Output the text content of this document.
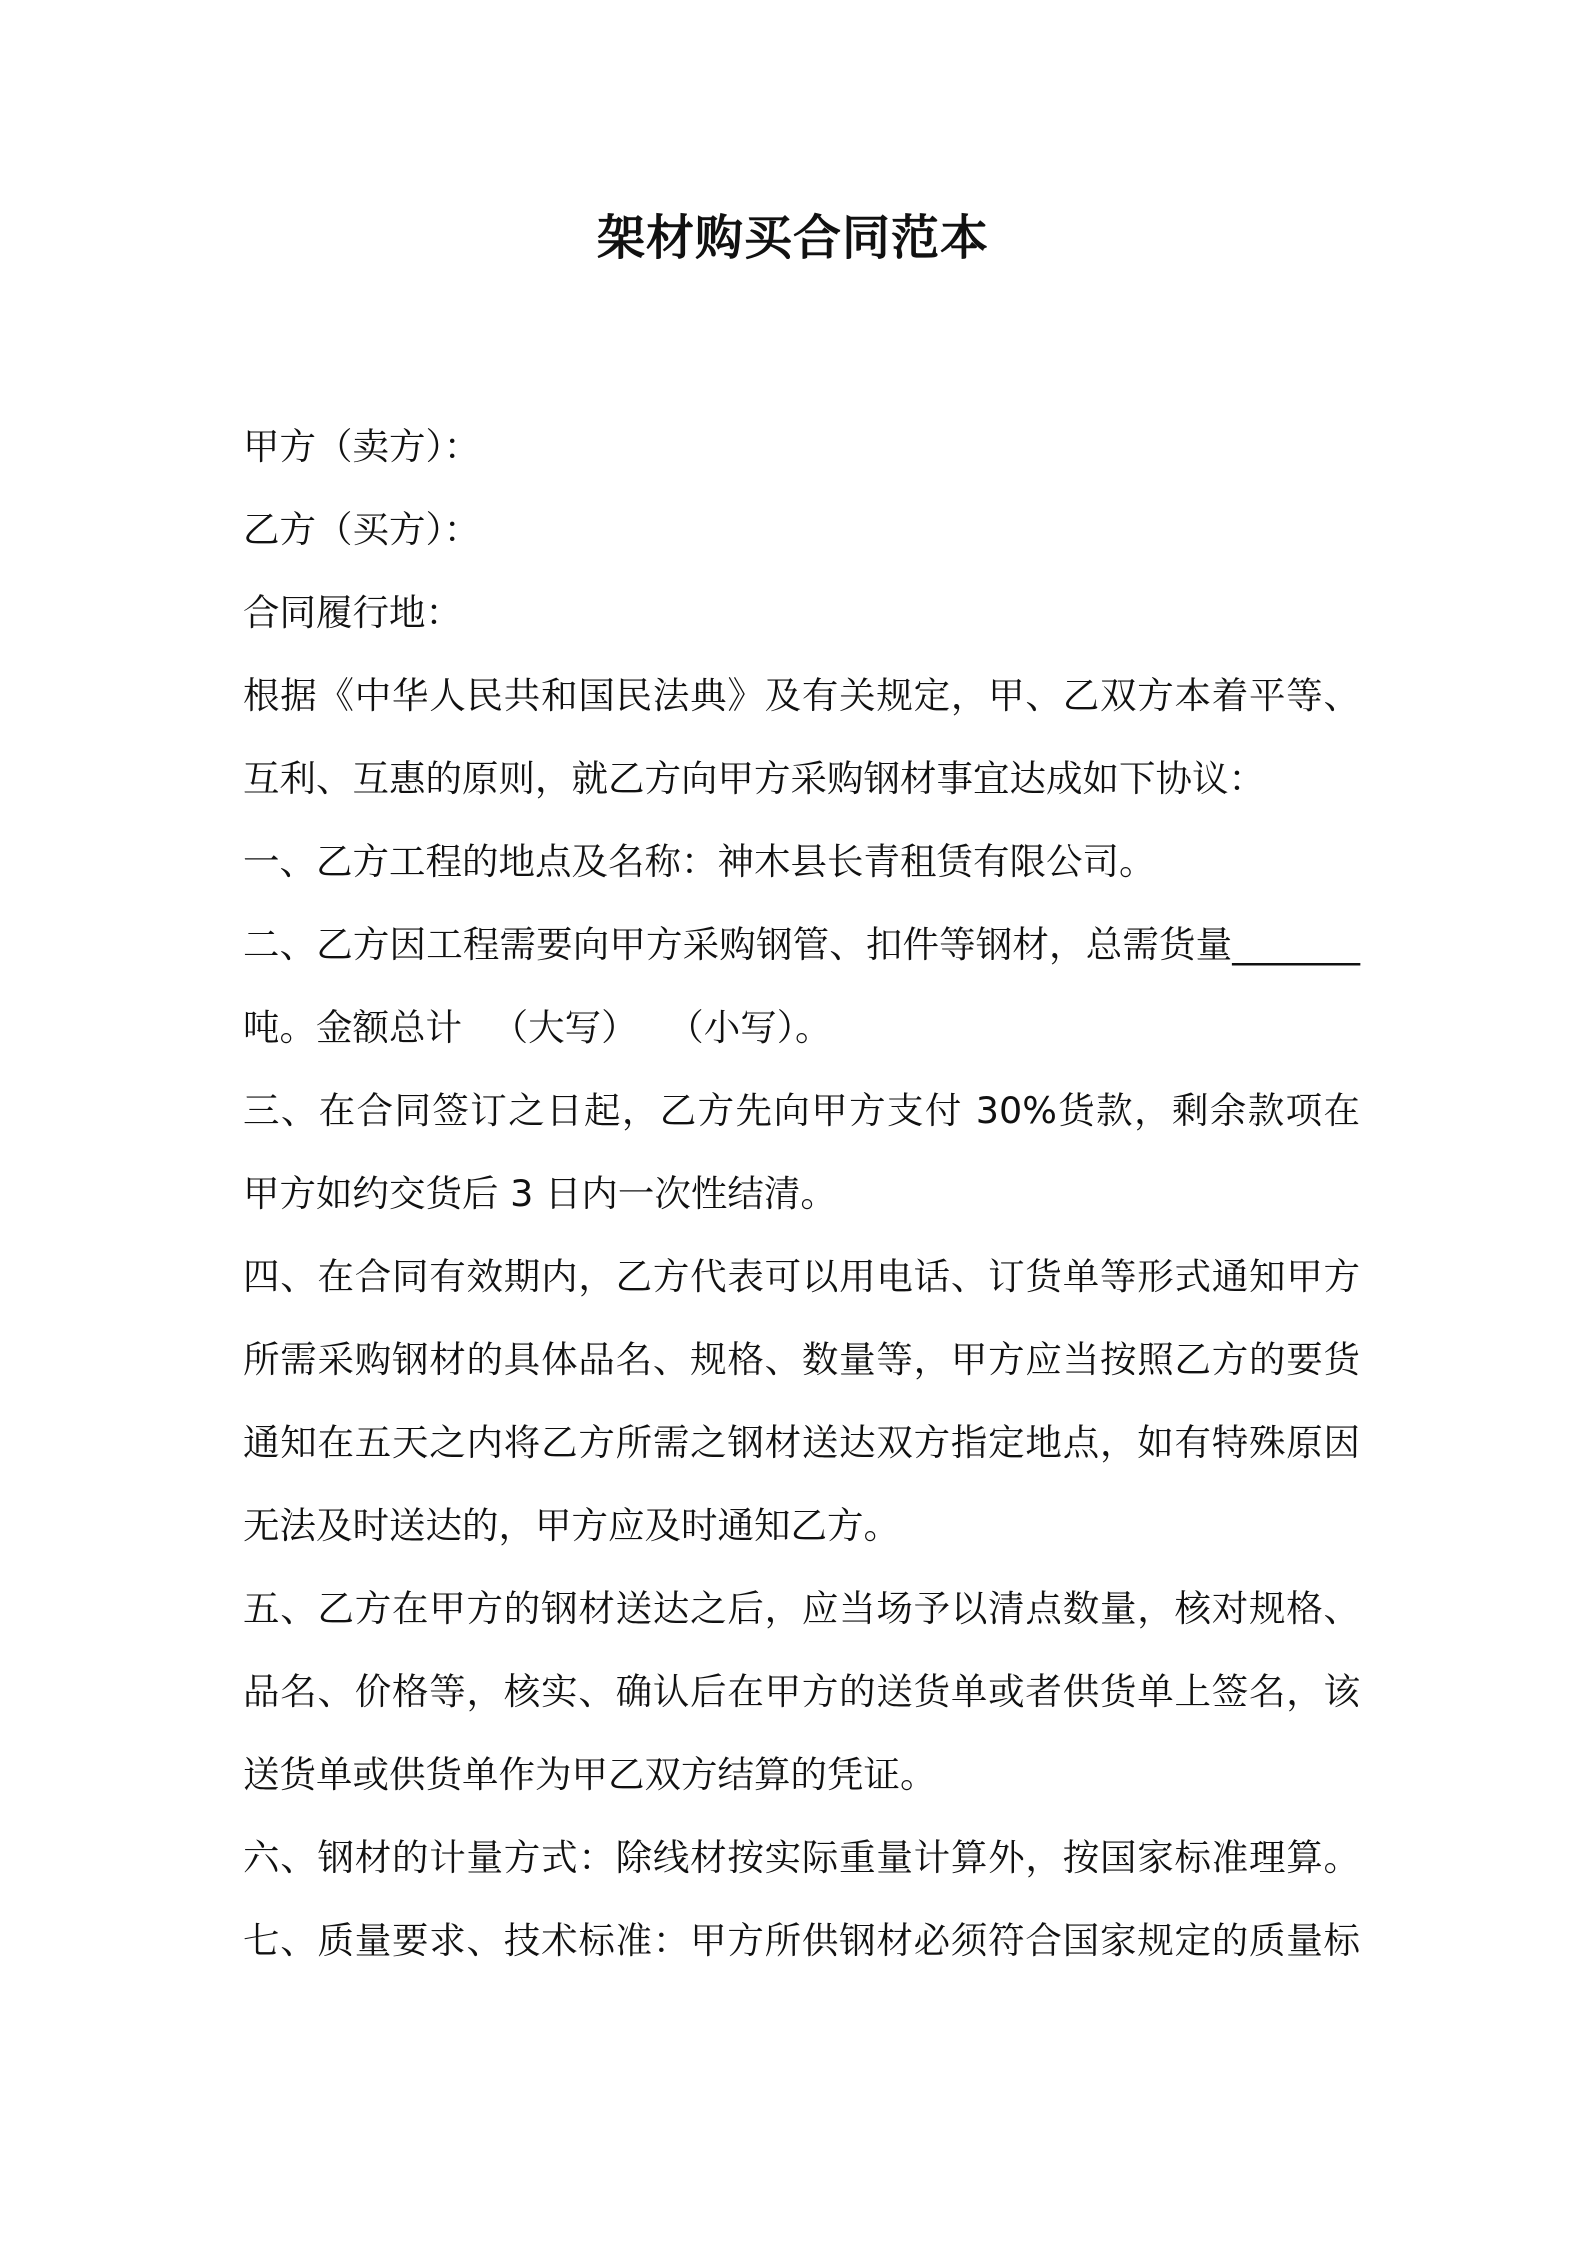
架材购买合同范本

甲方（卖方）：

乙方（买方）：

合同履行地：

根据《中华人民共和国民法典》及有关规定，甲、乙双方本着平等、

互利、互惠的原则，就乙方向甲方采购钢材事宜达成如下协议：

一、乙方工程的地点及名称：神木县长青租赁有限公司。

二、乙方因工程需要向甲方采购钢管、扣件等钢材，总需货量_______

吨。金额总计 （大写） （小写）。

三、在合同签订之日起，乙方先向甲方支付 30%货款，剩余款项在

甲方如约交货后 3 日内一次性结清。

四、在合同有效期内，乙方代表可以用电话、订货单等形式通知甲方

所需采购钢材的具体品名、规格、数量等，甲方应当按照乙方的要货

通知在五天之内将乙方所需之钢材送达双方指定地点，如有特殊原因

无法及时送达的，甲方应及时通知乙方。

五、乙方在甲方的钢材送达之后，应当场予以清点数量，核对规格、

品名、价格等，核实、确认后在甲方的送货单或者供货单上签名，该

送货单或供货单作为甲乙双方结算的凭证。

六、钢材的计量方式：除线材按实际重量计算外，按国家标准理算。

七、质量要求、技术标准：甲方所供钢材必须符合国家规定的质量标
